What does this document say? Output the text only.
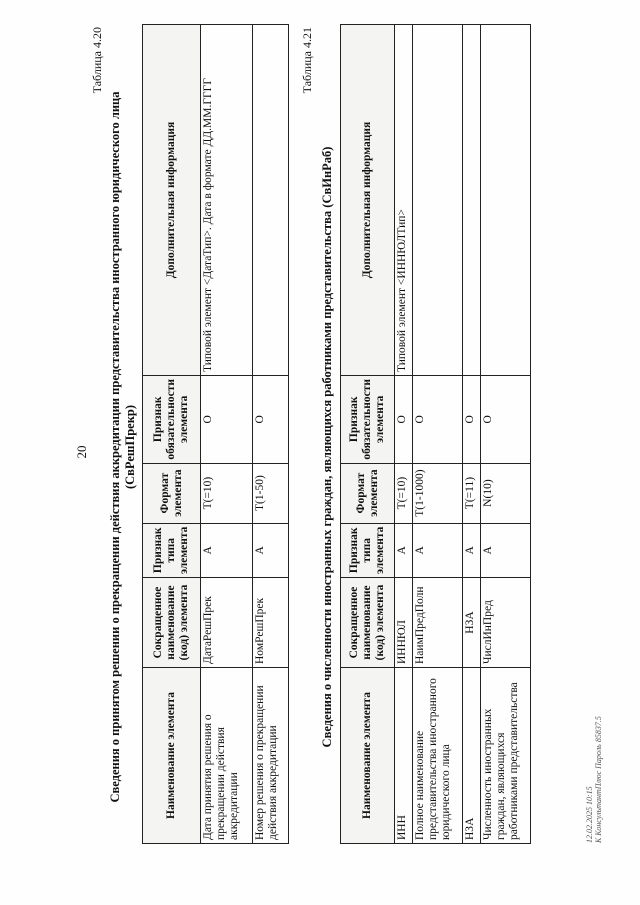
20
Таблица 4.20
Сведения о принятом решении о прекращении действия аккредитации представительства иностранного юридического лица (СвРешПрекр)
Наименование элемента	Сокращенное наименование (код) элемента	Признак типа элемента	Формат элемента	Признак обязательности элемента	Дополнительная информация
Дата принятия решения о прекращении действия аккредитации	ДатаРешПрек	А	Т(=10)	О	Типовой элемент <ДатаТип>. Дата в формате ДД.ММ.ГГГГ
Номер решения о прекращении действия аккредитации	НомРешПрек	А	Т(1-50)	О	
Таблица 4.21
Сведения о численности иностранных граждан, являющихся работниками представительства (СвИнРаб)
Наименование элемента	Сокращенное наименование (код) элемента	Признак типа элемента	Формат элемента	Признак обязательности элемента	Дополнительная информация
ИНН	ИННЮЛ	А	Т(=10)	О	Типовой элемент <ИННЮЛТип>
Полное наименование представительства иностранного юридического лица	НаимПредПолн	А	Т(1-1000)	О	
НЗА	НЗА	А	Т(=11)	О	
Численность иностранных граждан, являющихся работниками представительства	ЧислИнПред	А	N(10)	О	
12.02.2025 10:15 К КонсультантПлюс Пароль 85837.5
